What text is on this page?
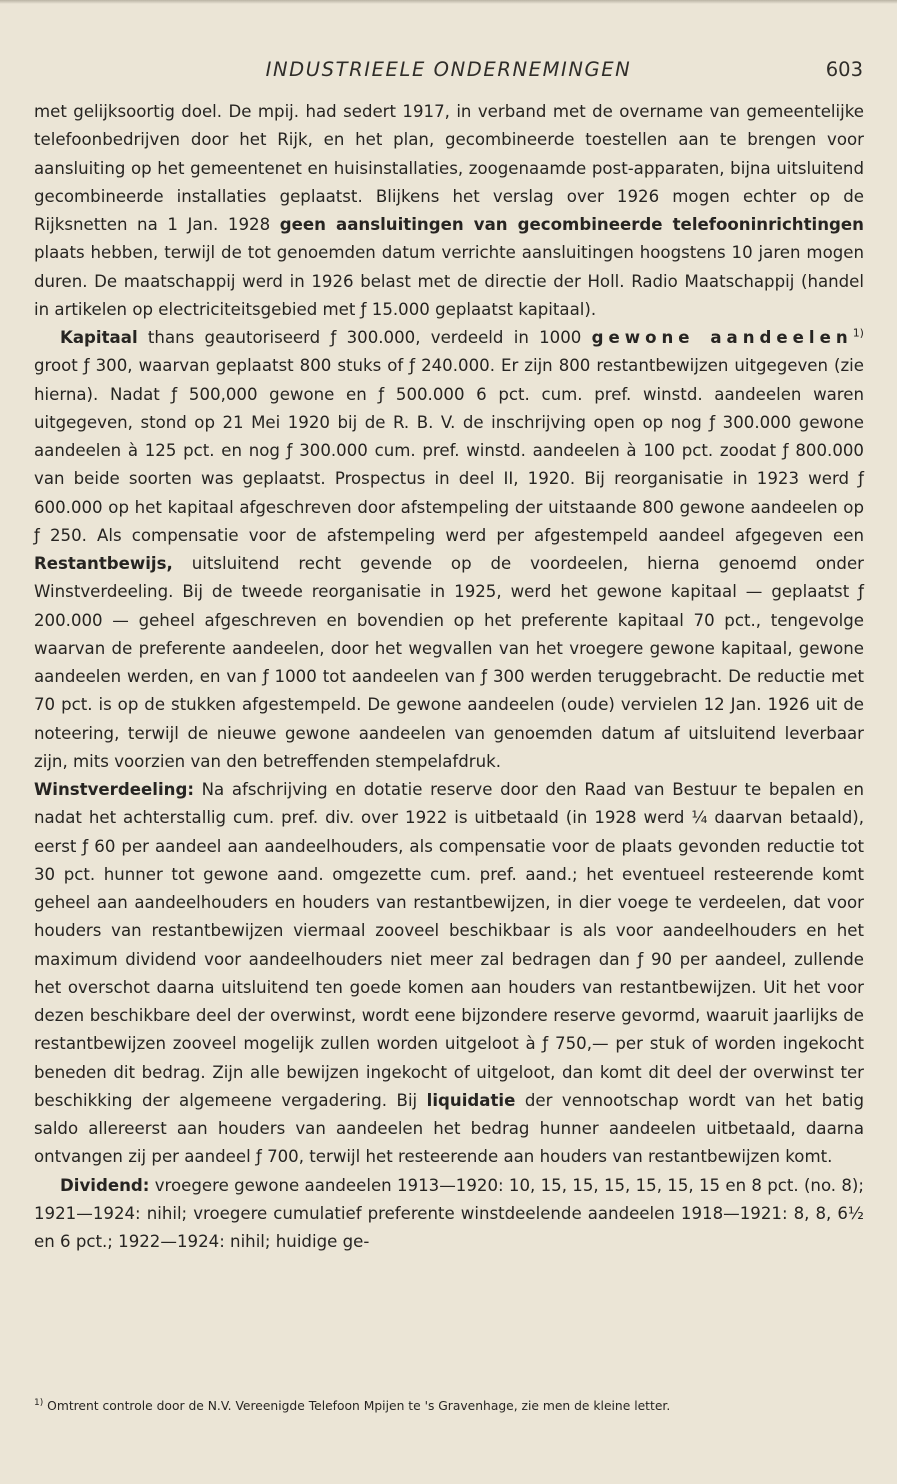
INDUSTRIEELE ONDERNEMINGEN	603

met gelijksoortig doel. De mpij. had sedert 1917, in verband met de overname van gemeentelijke telefoonbedrijven door het Rijk, en het plan, gecombineerde toestellen aan te brengen voor aansluiting op het gemeentenet en huisinstallaties, zoogenaamde post-apparaten, bijna uitsluitend gecombineerde installaties geplaatst. Blijkens het verslag over 1926 mogen echter op de Rijksnetten na 1 Jan. 1928 geen aansluitingen van gecombineerde telefooninrichtingen plaats hebben, terwijl de tot genoemden datum verrichte aansluitingen hoogstens 10 jaren mogen duren. De maatschappij werd in 1926 belast met de directie der Holl. Radio Maatschappij (handel in artikelen op electriciteitsgebied met ƒ 15.000 geplaatst kapitaal).

Kapitaal thans geautoriseerd ƒ 300.000, verdeeld in 1000 gewone aandeelen$^{1)}$ groot ƒ 300, waarvan geplaatst 800 stuks of ƒ 240.000. Er zijn 800 restantbewijzen uitgegeven (zie hierna). Nadat ƒ 500,000 gewone en ƒ 500.000 6 pct. cum. pref. winstd. aandeelen waren uitgegeven, stond op 21 Mei 1920 bij de R. B. V. de inschrijving open op nog ƒ 300.000 gewone aandeelen à 125 pct. en nog ƒ 300.000 cum. pref. winstd. aandeelen à 100 pct. zoodat ƒ 800.000 van beide soorten was geplaatst. Prospectus in deel II, 1920. Bij reorganisatie in 1923 werd ƒ 600.000 op het kapitaal afgeschreven door afstempeling der uitstaande 800 gewone aandeelen op ƒ 250. Als compensatie voor de afstempeling werd per afgestempeld aandeel afgegeven een Restantbewijs, uitsluitend recht gevende op de voordeelen, hierna genoemd onder Winstverdeeling. Bij de tweede reorganisatie in 1925, werd het gewone kapitaal — geplaatst ƒ 200.000 — geheel afgeschreven en bovendien op het preferente kapitaal 70 pct., tengevolge waarvan de preferente aandeelen, door het wegvallen van het vroegere gewone kapitaal, gewone aandeelen werden, en van ƒ 1000 tot aandeelen van ƒ 300 werden teruggebracht. De reductie met 70 pct. is op de stukken afgestempeld. De gewone aandeelen (oude) vervielen 12 Jan. 1926 uit de noteering, terwijl de nieuwe gewone aandeelen van genoemden datum af uitsluitend leverbaar zijn, mits voorzien van den betreffenden stempelafdruk.

Winstverdeeling: Na afschrijving en dotatie reserve door den Raad van Bestuur te bepalen en nadat het achterstallig cum. pref. div. over 1922 is uitbetaald (in 1928 werd ¼ daarvan betaald), eerst ƒ 60 per aandeel aan aandeelhouders, als compensatie voor de plaats gevonden reductie tot 30 pct. hunner tot gewone aand. omgezette cum. pref. aand.; het eventueel resteerende komt geheel aan aandeelhouders en houders van restantbewijzen, in dier voege te verdeelen, dat voor houders van restantbewijzen viermaal zooveel beschikbaar is als voor aandeelhouders en het maximum dividend voor aandeelhouders niet meer zal bedragen dan ƒ 90 per aandeel, zullende het overschot daarna uitsluitend ten goede komen aan houders van restantbewijzen. Uit het voor dezen beschikbare deel der overwinst, wordt eene bijzondere reserve gevormd, waaruit jaarlijks de restantbewijzen zooveel mogelijk zullen worden uitgeloot à ƒ 750,— per stuk of worden ingekocht beneden dit bedrag. Zijn alle bewijzen ingekocht of uitgeloot, dan komt dit deel der overwinst ter beschikking der algemeene vergadering. Bij liquidatie der vennootschap wordt van het batig saldo allereerst aan houders van aandeelen het bedrag hunner aandeelen uitbetaald, daarna ontvangen zij per aandeel ƒ 700, terwijl het resteerende aan houders van restantbewijzen komt.

Dividend: vroegere gewone aandeelen 1913—1920: 10, 15, 15, 15, 15, 15, 15 en 8 pct. (no. 8); 1921—1924: nihil; vroegere cumulatief preferente winstdeelende aandeelen 1918—1921: 8, 8, 6½ en 6 pct.; 1922—1924: nihil; huidige ge-

$^{1)}$ Omtrent controle door de N.V. Vereenigde Telefoon Mpijen te 's Gravenhage, zie men de kleine letter.
